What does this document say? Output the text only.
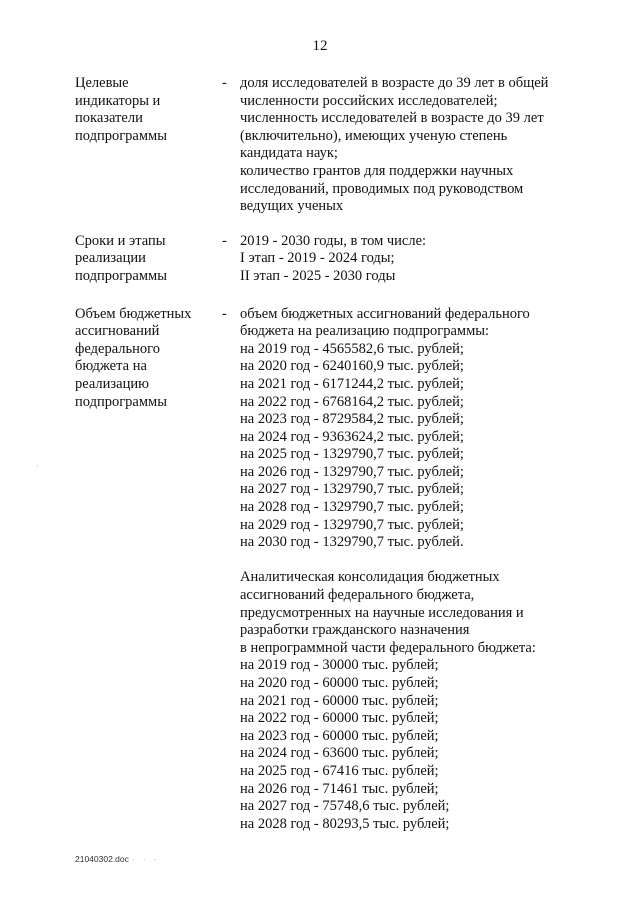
12
Целевые
индикаторы и
показатели
подпрограммы
- доля исследователей в возрасте до 39 лет в общей
численности российских исследователей;
численность исследователей в возрасте до 39 лет
(включительно), имеющих ученую степень
кандидата наук;
количество грантов для поддержки научных
исследований, проводимых под руководством
ведущих ученых
Сроки и этапы
реализации
подпрограммы
- 2019 - 2030 годы, в том числе:
I этап - 2019 - 2024 годы;
II этап - 2025 - 2030 годы
Объем бюджетных
ассигнований
федерального
бюджета на
реализацию
подпрограммы
- объем бюджетных ассигнований федерального
бюджета на реализацию подпрограммы:
на 2019 год - 4565582,6 тыс. рублей;
на 2020 год - 6240160,9 тыс. рублей;
на 2021 год - 6171244,2 тыс. рублей;
на 2022 год - 6768164,2 тыс. рублей;
на 2023 год - 8729584,2 тыс. рублей;
на 2024 год - 9363624,2 тыс. рублей;
на 2025 год - 1329790,7 тыс. рублей;
на 2026 год - 1329790,7 тыс. рублей;
на 2027 год - 1329790,7 тыс. рублей;
на 2028 год - 1329790,7 тыс. рублей;
на 2029 год - 1329790,7 тыс. рублей;
на 2030 год - 1329790,7 тыс. рублей.
Аналитическая консолидация бюджетных
ассигнований федерального бюджета,
предусмотренных на научные исследования и
разработки гражданского назначения
в непрограммной части федерального бюджета:
на 2019 год - 30000 тыс. рублей;
на 2020 год - 60000 тыс. рублей;
на 2021 год - 60000 тыс. рублей;
на 2022 год - 60000 тыс. рублей;
на 2023 год - 60000 тыс. рублей;
на 2024 год - 63600 тыс. рублей;
на 2025 год - 67416 тыс. рублей;
на 2026 год - 71461 тыс. рублей;
на 2027 год - 75748,6 тыс. рублей;
на 2028 год - 80293,5 тыс. рублей;
·
21040302.doc · · ·
